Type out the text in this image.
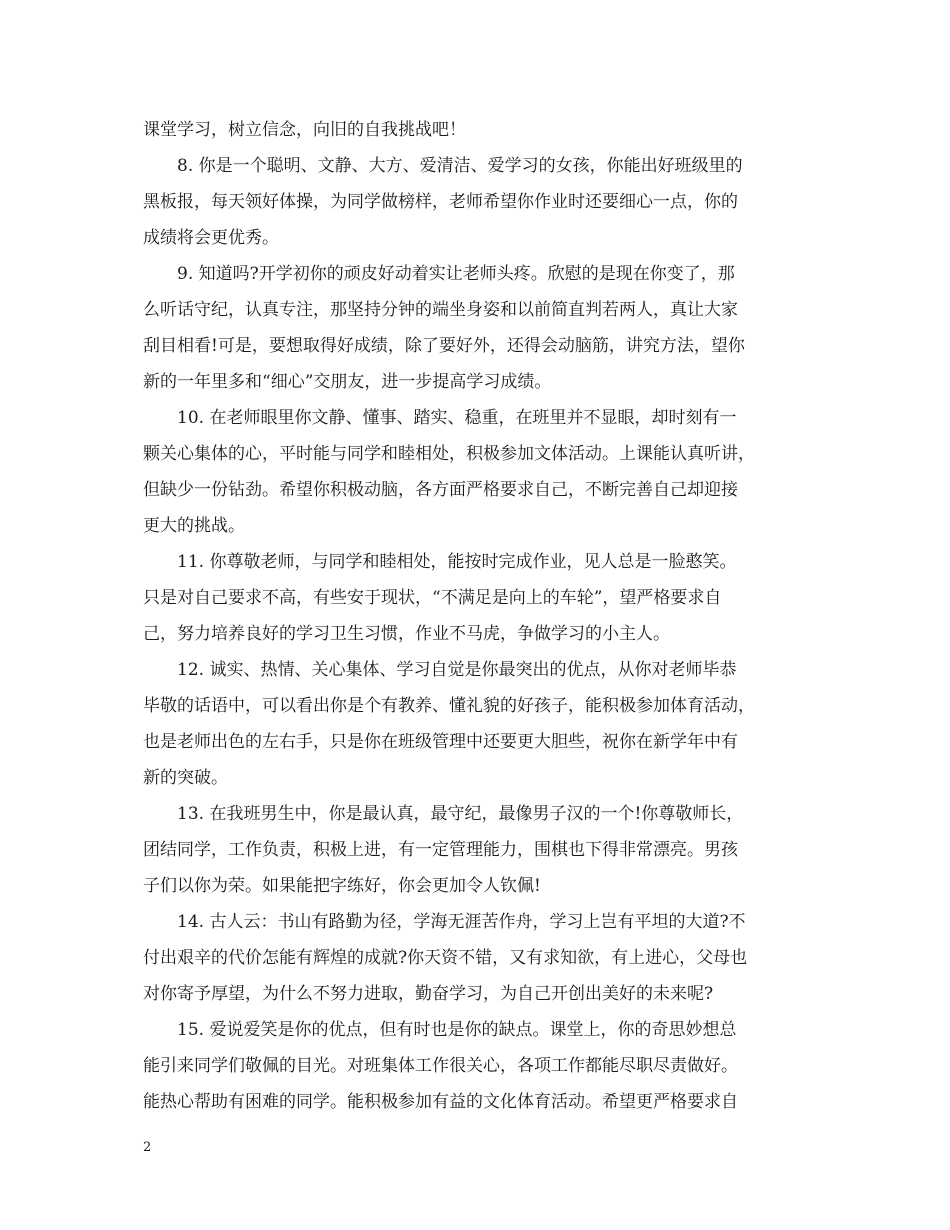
课堂学习，树立信念，向旧的自我挑战吧！
8. 你是一个聪明、文静、大方、爱清洁、爱学习的女孩，你能出好班级里的
黑板报，每天领好体操，为同学做榜样，老师希望你作业时还要细心一点，你的
成绩将会更优秀。
9. 知道吗?开学初你的顽皮好动着实让老师头疼。欣慰的是现在你变了，那
么听话守纪，认真专注，那坚持分钟的端坐身姿和以前简直判若两人，真让大家
刮目相看!可是，要想取得好成绩，除了要好外，还得会动脑筋，讲究方法，望你
新的一年里多和“细心”交朋友，进一步提高学习成绩。
10. 在老师眼里你文静、懂事、踏实、稳重，在班里并不显眼，却时刻有一
颗关心集体的心，平时能与同学和睦相处，积极参加文体活动。上课能认真听讲，
但缺少一份钻劲。希望你积极动脑，各方面严格要求自己，不断完善自己却迎接
更大的挑战。
11. 你尊敬老师，与同学和睦相处，能按时完成作业，见人总是一脸憨笑。
只是对自己要求不高，有些安于现状，“不满足是向上的车轮”，望严格要求自
己，努力培养良好的学习卫生习惯，作业不马虎，争做学习的小主人。
12. 诚实、热情、关心集体、学习自觉是你最突出的优点，从你对老师毕恭
毕敬的话语中，可以看出你是个有教养、懂礼貌的好孩子，能积极参加体育活动，
也是老师出色的左右手，只是你在班级管理中还要更大胆些，祝你在新学年中有
新的突破。
13. 在我班男生中，你是最认真，最守纪，最像男子汉的一个!你尊敬师长，
团结同学，工作负责，积极上进，有一定管理能力，围棋也下得非常漂亮。男孩
子们以你为荣。如果能把字练好，你会更加令人钦佩!
14. 古人云：书山有路勤为径，学海无涯苦作舟，学习上岂有平坦的大道?不
付出艰辛的代价怎能有辉煌的成就?你天资不错，又有求知欲，有上进心，父母也
对你寄予厚望，为什么不努力进取，勤奋学习，为自己开创出美好的未来呢?
15. 爱说爱笑是你的优点，但有时也是你的缺点。课堂上，你的奇思妙想总
能引来同学们敬佩的目光。对班集体工作很关心，各项工作都能尽职尽责做好。
能热心帮助有困难的同学。能积极参加有益的文化体育活动。希望更严格要求自
2
